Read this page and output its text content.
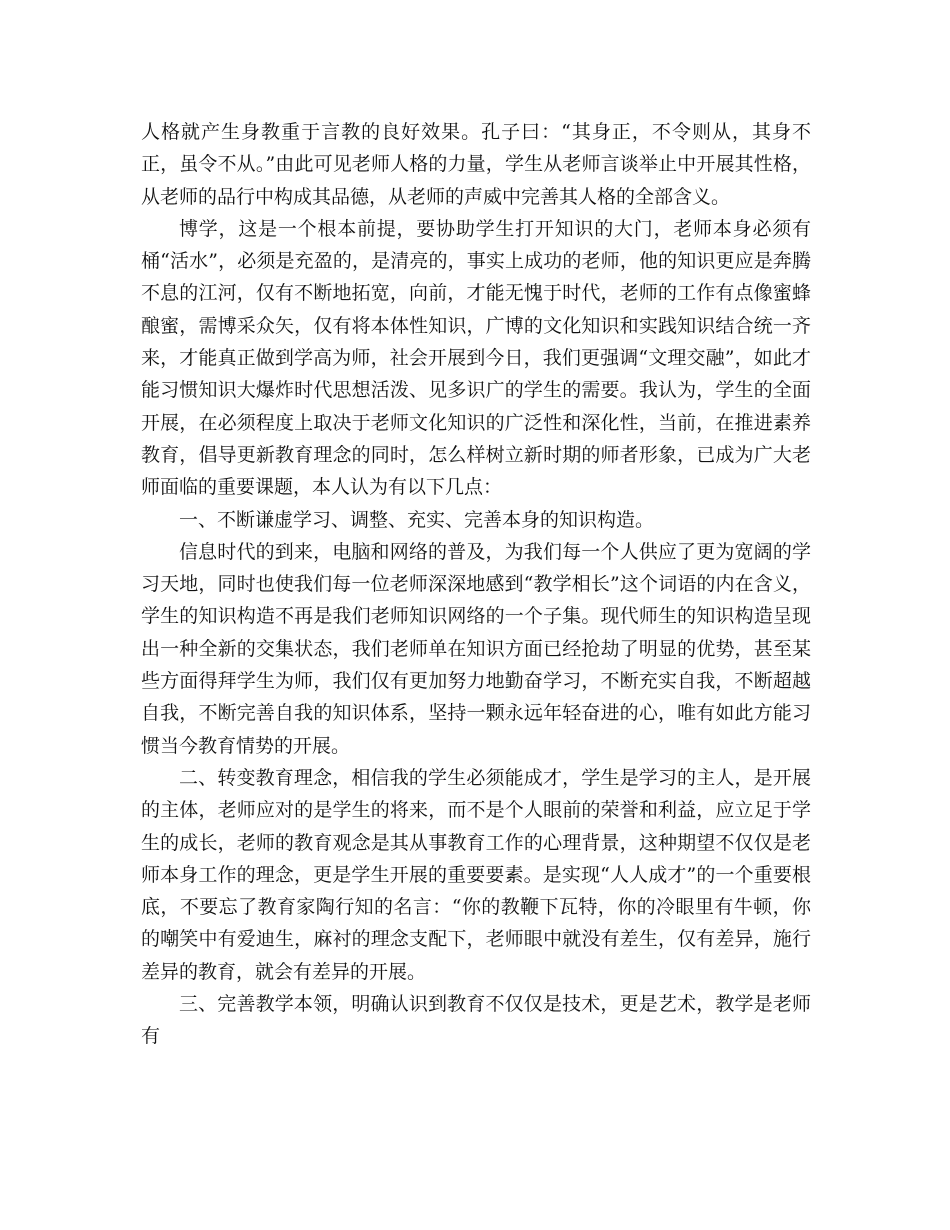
人格就产生身教重于言教的良好效果。孔子曰：“其身正，不令则从，其身不正，虽令不从。”由此可见老师人格的力量，学生从老师言谈举止中开展其性格，从老师的品行中构成其品德，从老师的声威中完善其人格的全部含义。

博学，这是一个根本前提，要协助学生打开知识的大门，老师本身必须有桶“活水”，必须是充盈的，是清亮的，事实上成功的老师，他的知识更应是奔腾不息的江河，仅有不断地拓宽，向前，才能无愧于时代，老师的工作有点像蜜蜂酿蜜，需博采众矢，仅有将本体性知识，广博的文化知识和实践知识结合统一齐来，才能真正做到学高为师，社会开展到今日，我们更强调“文理交融”，如此才能习惯知识大爆炸时代思想活泼、见多识广的学生的需要。我认为，学生的全面开展，在必须程度上取决于老师文化知识的广泛性和深化性，当前，在推进素养教育，倡导更新教育理念的同时，怎么样树立新时期的师者形象，已成为广大老师面临的重要课题，本人认为有以下几点：

一、不断谦虚学习、调整、充实、完善本身的知识构造。

信息时代的到来，电脑和网络的普及，为我们每一个人供应了更为宽阔的学习天地，同时也使我们每一位老师深深地感到“教学相长”这个词语的内在含义，学生的知识构造不再是我们老师知识网络的一个子集。现代师生的知识构造呈现出一种全新的交集状态，我们老师单在知识方面已经抢劫了明显的优势，甚至某些方面得拜学生为师，我们仅有更加努力地勤奋学习，不断充实自我，不断超越自我，不断完善自我的知识体系，坚持一颗永远年轻奋进的心，唯有如此方能习惯当今教育情势的开展。

二、转变教育理念，相信我的学生必须能成才，学生是学习的主人，是开展的主体，老师应对的是学生的将来，而不是个人眼前的荣誉和利益，应立足于学生的成长，老师的教育观念是其从事教育工作的心理背景，这种期望不仅仅是老师本身工作的理念，更是学生开展的重要要素。是实现“人人成才”的一个重要根底，不要忘了教育家陶行知的名言：“你的教鞭下瓦特，你的冷眼里有牛顿，你的嘲笑中有爱迪生，麻衬的理念支配下，老师眼中就没有差生，仅有差异，施行差异的教育，就会有差异的开展。

三、完善教学本领，明确认识到教育不仅仅是技术，更是艺术，教学是老师有
